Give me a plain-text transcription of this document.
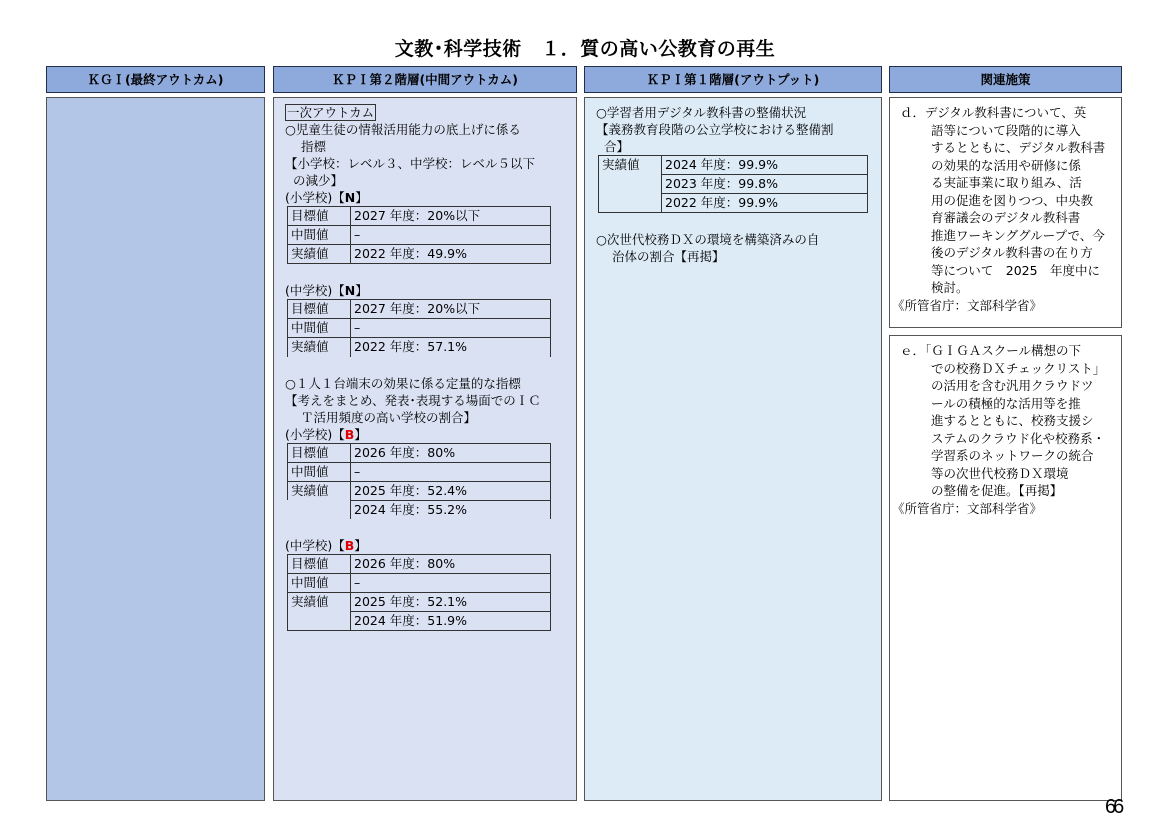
文教･科学技術　１．質の高い公教育の再生
ＫＧＩ(最終アウトカム)	ＫＰＩ第２階層(中間アウトカム)	ＫＰＩ第１階層(アウトプット)	関連施策
一次アウトカム
○児童生徒の情報活用能力の底上げに係る
指標
【小学校：レベル３、中学校：レベル５以下
の減少】
(小学校)【N】
目標値	2027 年度：20%以下
中間値	–
実績値	2022 年度：49.9%
(中学校)【N】
目標値	2027 年度：20%以下
中間値	–
実績値	2022 年度：57.1%
○１人１台端末の効果に係る定量的な指標
【考えをまとめ、発表･表現する場面でのＩＣ
Ｔ活用頻度の高い学校の割合】
(小学校)【B】
目標値	2026 年度：80%
中間値	–
実績値	2025 年度：52.4%
	2024 年度：55.2%
(中学校)【B】
目標値	2026 年度：80%
中間値	–
実績値	2025 年度：52.1%
	2024 年度：51.9%
○学習者用デジタル教科書の整備状況
【義務教育段階の公立学校における整備割
合】
実績値	2024 年度：99.9%
	2023 年度：99.8%
	2022 年度：99.9%
○次世代校務ＤＸの環境を構築済みの自
治体の割合【再掲】
ｄ．デジタル教科書について、英
語等について段階的に導入
するとともに、デジタル教科書
の効果的な活用や研修に係
る実証事業に取り組み、活
用の促進を図りつつ、中央教
育審議会のデジタル教科書
推進ワーキンググループで、今
後のデジタル教科書の在り方
等について　2025　年度中に
検討。
《所管省庁：文部科学省》
ｅ．「ＧＩＧＡスクール構想の下
での校務ＤＸチェックリスト」
の活用を含む汎用クラウドツ
ールの積極的な活用等を推
進するとともに、校務支援シ
ステムのクラウド化や校務系・
学習系のネットワークの統合
等の次世代校務ＤＸ環境
の整備を促進。【再掲】
《所管省庁：文部科学省》
66
